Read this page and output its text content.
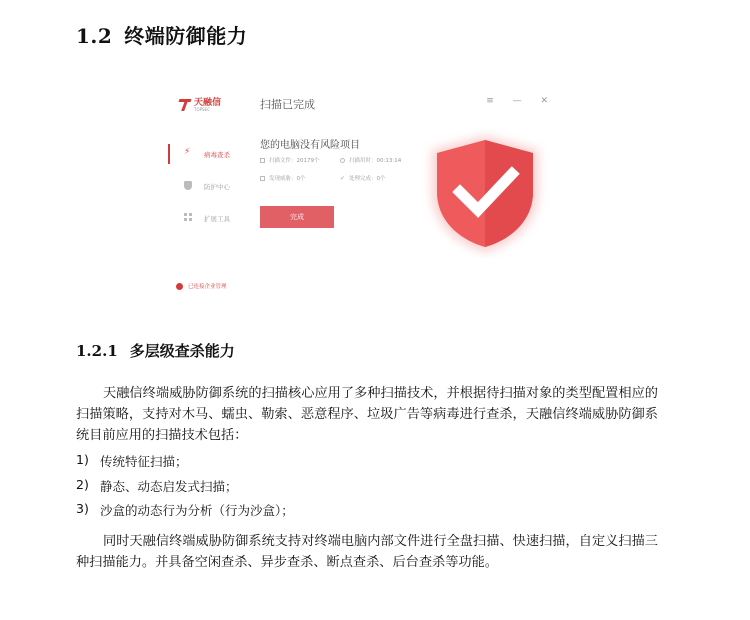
1.2 终端防御能力
天融信
TOPSEC	扫描已完成	≡ — ✕
⚡
病毒查杀
防护中心
扩展工具
已连接企业管理
您的电脑没有风险项目
扫描文件：20179个	扫描用时：00:13:14
发现威胁：0个	✓ 处理完成：0个
完成
1.2.1 多层级查杀能力
天融信终端威胁防御系统的扫描核心应用了多种扫描技术，并根据待扫描对象的类型配置相应的扫描策略，支持对木马、蠕虫、勒索、恶意程序、垃圾广告等病毒进行查杀，天融信终端威胁防御系统目前应用的扫描技术包括：
1) 传统特征扫描；
2) 静态、动态启发式扫描；
3) 沙盒的动态行为分析（行为沙盒）；
同时天融信终端威胁防御系统支持对终端电脑内部文件进行全盘扫描、快速扫描，自定义扫描三种扫描能力。并具备空闲查杀、异步查杀、断点查杀、后台查杀等功能。
